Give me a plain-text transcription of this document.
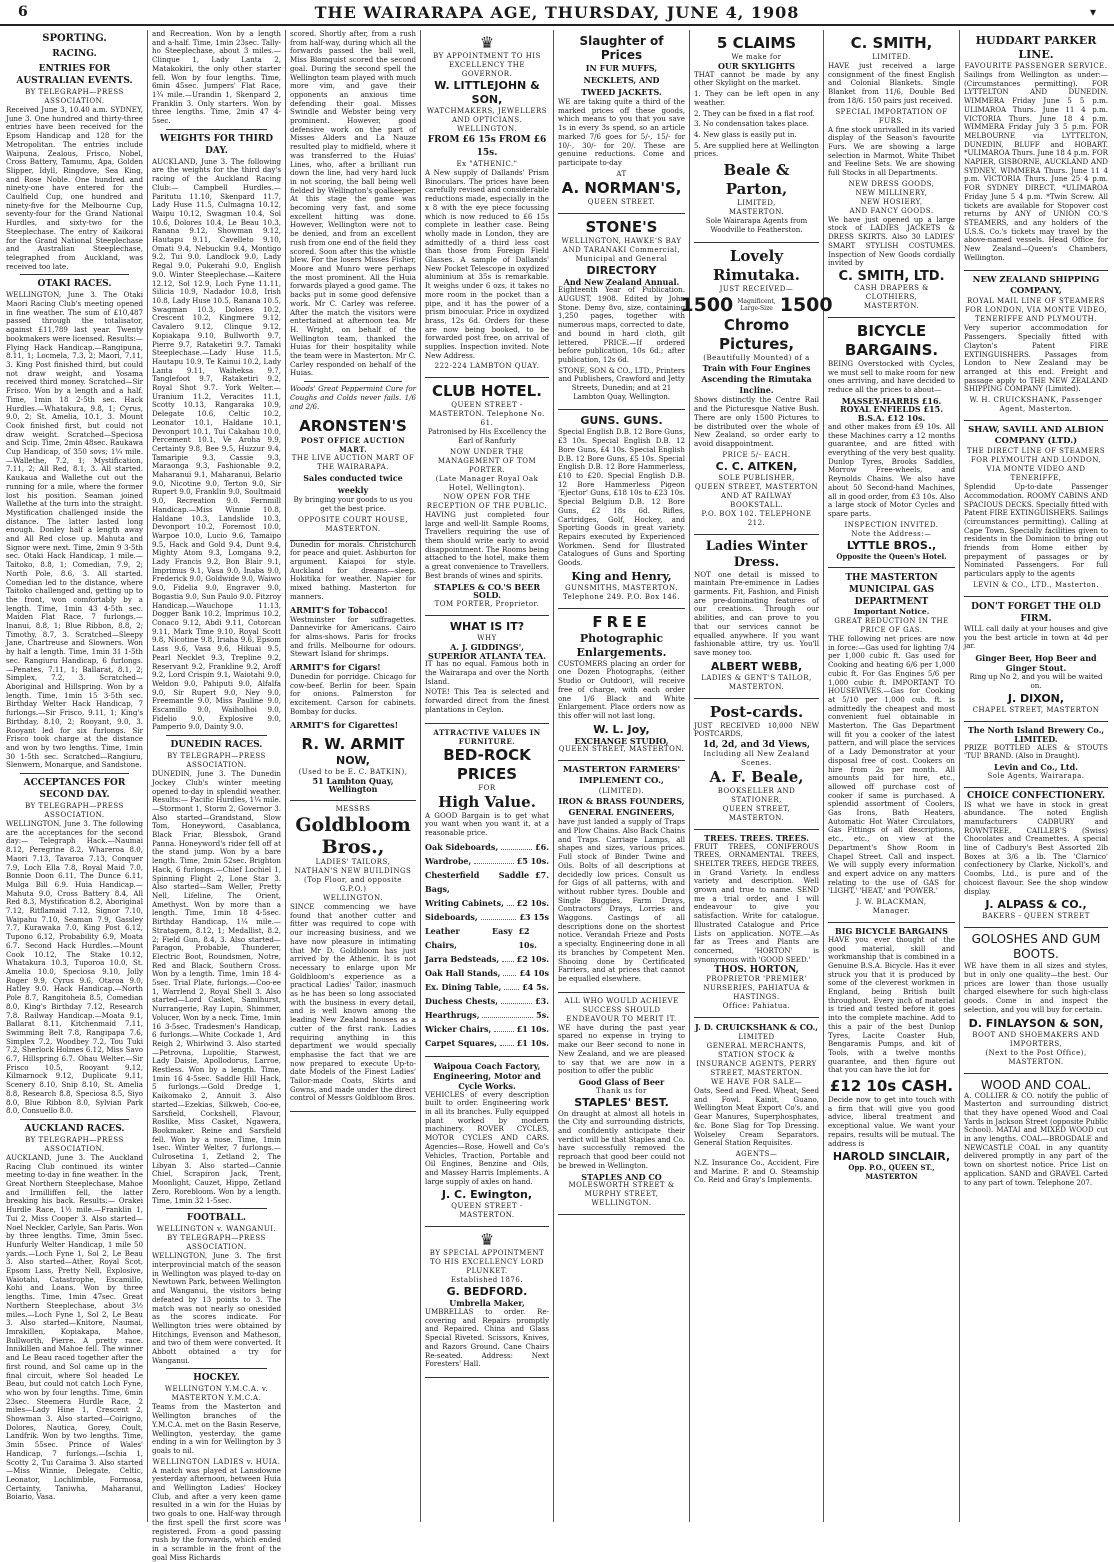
6	THE WAIRARAPA AGE, THURSDAY, JUNE 4, 1908	▾
SPORTING.
RACING.
ENTRIES FOR AUSTRALIAN EVENTS.
BY TELEGRAPH—PRESS ASSOCIATION.

Received June 3, 10.40 a.m. SYDNEY, June 3. One hundred and thirty-three entries have been received for the Epsom Handicap and 128 for the Metropolitan. The entries include Waipuna, Zealous, Frisco, Nobel, Cross Battery, Tamumu, Apa, Golden Slipper, Idyll, Ringdove, Sea King, and Rose Noble. One hundred and ninety-one have entered for the Caulfield Cup, one hundred and ninety-five for the Melbourne Cup, seventy-four for the Grand National Hurdles, and sixty-two for the Steeplechase. The entry of Kaikorai for the Grand National Steeplechase and Australian Steeplechase, telegraphed from Auckland, was received too late.

OTAKI RACES.

WELLINGTON, June 3. The Otaki Maori Racing Club's meeting opened in fine weather. The sum of £10,487 passed through the totalisator, against £11,789 last year. Twenty bookmakers were licensed. Results:— Flying Hack Handicap.—Rangipuna, 8.11, 1; Locmela, 7.3, 2; Maori, 7.11, 3. King Post finished third, but could not draw weight, and Yosama received third money. Scratched—Sir Frisco. Won by a length and a half. Time, 1min 18 2-5th sec. Hack Hurdles.—Whatakura, 9.8, 1; Cyrus, 9.0, 2; St. Amelia, 10.1, 3. Mount Cook finished first, but could not draw weight. Scratched—Speciosa and Scip. Time, 2min 48sec. Raukawa Cup Handicap, of 350 sovs; 1¼ mile.—Wallethe, 7.2, 1; Mystification, 7.11, 2; All Red, 8.1, 3. All started. Kaukaua and Wallethe cut out the running for a mile, where the former lost his position. Seaman joined Wallethe at the turn into the straight. Mystification challenged inside the distance. The latter lasted long enough. Donley half a length away and All Red close up. Mahuta and Signor were next. Time, 2min 9 3-5th sec. Otaki Hack Handicap, 1 mile.—Taitoko, 8.8, 1; Comedian, 7.9, 2; North Pole, 8.6, 3. All started. Comedian led to the distance, where Taitoko challenged and, getting up to the front, won comfortably by a length. Time, 1min 43 4-5th sec. Maiden Flat Race, 7 furlongs.—Inanui, 8.8, 1; Blue Ribbon, 8.8, 2; Timothy, 8.7, 3. Scratched—Sleepy Jane, Chartreuse and Slowners. Won by half a length. Time, 1min 31 1-5th sec. Rangiuru Handicap, 6 furlongs.—Penates, 7.11, 1; Ballarat, 8.1, 2; Simplex, 7.2, 3. Scratched—Aboriginal and Hillspring. Won by a length. Time, 1min 15 3-5th sec. Birthday Welter Hack Handicap, 7 furlongs.—Sir Frisco, 9.11, 1; King's Birthday, 8.10, 2; Rooyant, 9.0, 3. Rooyant led for six furlongs. Sir Frisco took charge at the distance and won by two lengths. Time, 1min 30 1-5th sec. Scratched—Rangiuru, Slenwern, Monarque, and Sandstone.

ACCEPTANCES FOR SECOND DAY.
BY TELEGRAPH—PRESS ASSOCIATION.

WELLINGTON, June 3. The following are the acceptances for the second day:— Telegraph Hack.—Naumai 8.12, Peregrine 8.2, Whareroa 8.0, Maori 7.13, Tavaroa 7.13, Conquer 7.9, Loch Ella 7.8, Royal Maid 7.0, Bonnie Doon 6.11, The Dunce 6.11, Mulga Bill 6.9. Huia Handicap.—Mahuta 9.0, Cross Battery 8.4, All Red 8.3, Mystification 8.2, Aboriginal 7.12, Ritflamaid 7.12, Signor 7.10, Waipahu 7.10, Seaman 7.9, Gassley 7.7, Kurawaka 7.0, King Post 6.12, Tupono 6.12, Probability 6.9, Moata 6.7. Second Hack Hurdles.—Mount Cook 10.12, The Stake 10.12, Whatakura 10.3, Tuporoa 10.0, St. Amelia 10.0, Speciosa 9.10, Jolly Roger 9.9, Cyrus 9.6, Otaroa 9.0, Hatley 9.0. Hack Handicap.—North Pole 8.7, Rangitoheia 8.5, Comedian 8.0, King's Birthday 7.12, Research 7.8. Railway Handicap.—Moata 9.1, Ballarat 8.11, Kitchenmaid 7.11, Swimming Belt 7.8, Rangipapa 7.6, Simplex 7.2, Woodbey 7.2, Tou Tuki 7.2, Sherlock Holmes 6.12, Miss Savo 6.7, Hillspring 6.7. Ohau Welter.—Sir Frisco 10.5, Rooyant 9.12, Kilmarnock 9.12, Duplicate 9.11, Scenery 8.10, Snip 8.10, St. Amelia 8.8, Research 8.8, Speciosa 8.5, Siyo 8.0, Blue Ribbon 8.0, Sylvian Park 8.0, Consuello 8.0.

AUCKLAND RACES.
BY TELEGRAPH—PRESS ASSOCIATION.

AUCKLAND, June 3. The Auckland Racing Club continued its winter meeting to-day in fine weather. In the Great Northern Steeplechase, Mahoe and Irmilliffen fell, the latter breaking his back. Results:— Orakei Hurdle Race, 1½ mile.—Franklin 1, Tui 2, Miss Cooper 3. Also started—Noel Neckler, Carlyle, San Paris. Won by three lengths. Time, 3min 5sec. Hunfurly Welter Handicap, 1 mile 50 yards.—Loch Fyne 1, Sol 2, Le Beau 3. Also started—Ather, Royal Scot, Epsom Lass, Pretty Nell, Explosive, Waiotahi, Catastrophe, Escamillo, Kohi and Loans. Won by three lengths. Time, 1min 47sec. Great Northern Steeplechase, about 3½ miles.—Loch Fyne 1, Sol 2, Le Beau 3. Also started—Knitore, Naumai, Imrakillen, Kopiakapa, Mahoe, Bullworth, Pierre. A pretty race. Innikillen and Mahoe fell. The winner and Le Beau raced together after the first round, and Sol came up in the final circuit, where Sol headed Le Beau, but could not catch Loch Fyne, who won by four lengths. Time, 6min 23sec. Steemera Hurdle Race, 2 miles—Lady Hine 1, Crescent 2, Showman 3. Also started—Coirigno, Dolores, Nautica, Gorey, Coult, Landfrik. Won by two lengths. Time, 3min 55sec. Prince of Wales' Handicap, 7 furlongs.—Ischia 1, Scotty 2, Tui Caraima 3. Also started—Miss Winnie, Delegate, Celtic, Leonator, Lochlimble, Formosa, Certainty, Taniwha, Maharanui, Boiario, Vasa.

and Recreation. Won by a length and a-half. Time, 1min 23sec. Tally-ho Steeplechase, about 3 miles.—Clinque 1, Lady Lanta 2, Matakokiri, the only other starter fell. Won by four lengths. Time, 6min 45sec. Jumpers' Flat Race, 1¾ mile.—Urandin 1, Skenpard 2, Franklin 3. Only starters. Won by three lengths. Time, 2min 47 4-5sec.

WEIGHTS FOR THIRD DAY.

AUCKLAND, June 3. The following are the weights for the third day's racing of the Auckland Racing Club:— Campbell Hurdles.—Paritutu 11.10, Skenpard 11.7, Lady Huse 11.5, Culmagna 10.12, Waipu 10.12, Swagman 10.4, Sol 10.6, Dolores 10.4, Le Beau 10.3, Ranana 9.12, Showman 9.12, Hautapu 9.11, Cavelleto 9.10, Omati 9.4, Nebuckin 9.4, Montigo 9.2, Tui 9.0, Landlock 9.0, Lady Regal 9.0, Pukerahi 9.0, English 9.0. Winter Steeplechase.—Kaitere 12.12, Sol 12.9, Loch Fyne 11.11, Silicia 10.9, Nadador 10.8, Irish 10.8, Lady Huse 10.5, Ranana 10.5, Swagman 10.3, Dolores 10.2, Crescent 10.2, Kingmere 9.12, Cavalero 9.12, Clinque 9.12, Kopiakapa 9.10, Bullworth 9.7, Pierre 9.7, Rataketiri 9.7. Tamaki Steeplechase.—Lady Huse 11.5, Hautapu 10.9, Te Kainui 10.2, Lady Lanta 9.11, Waiheksa 9.7, Tanglefoot 9.7, Rataketiri 9.2, Royal Shot 9.7. York Welter.—Uranium 11.2, Veracites 11.1, Scotty 10.13, Rangaraka 10.9, Delegate 10.6, Celtic 10.2, Leonator 10.1, Haldane 10.1, Devonport 10.1, Tui Cakahau 10.0, Percement 10.1, Ve Aroha 9.9, Certainty 9.8, Bee 9.5, Huzzur 9.4, Tamaripie 9.3, Cassie 9.3, Maraonga 9.3, Fashionable 9.2, Maharanui 9.1, Maharanui, Belario 9.0, Nicotine 9.0, Terton 9.0, Sir Rupert 9.0, Franklin 9.0, Soultmaid 9.0, Recreation 9.0. Fernmill Handicap.—Miss Winnie 10.8, Haldane 10.3, Landslide 10.3, Devonport 10.2, Foremost 10.0, Warpoe 10.0, Lucio 9.6, Tamaipo 9.5, Hack and Gold 9.4, Dunt 9.4, Mighty Atom 9.3, Lomgana 9.2, Lady Francis 9.2, Bon Blair 9.1, Imprimus 9.1, Vasa 9.0, Inaba 9.0, Frederick 9.0, Goldwide 9.0, Waiwo 9.0, Fidelia 9.0, Engraver 9.0, Bogastia 9.0, Sun Paulo 9.0. Fitzroy Handicap.—Wauchope 11.13, Dogger Bank 10.2, Imprimus 10.2, Conaco 9.12, Abdi 9.11, Cotorcan 9.11, Mark Time 9.10, Royal Scott 9.8, Nicotine 9.8, Iriaha 9.6, Epsom Lass 9.6, Vasa 9.6, Hikuai 9.5, Pearl Necklet 9.3, Trepline 9.2, Reservant 9.2, Frankline 9.2, Aroff 9.2, Lord Crispin 9.1, Waiotahi 9.0, Weldon 9.0, Pahiputi 9.0, Alfalfa 9.0, Sir Rupert 9.0, Ney 9.0, Freemantle 9.0, Miss Pauline 9.0, Escamillo 9.0, Waiholhoi 9.0, Fidelio 9.0, Explosive 9.0, Pamperio 9.0, Dainty 9.0.

DUNEDIN RACES.
BY TELEGRAPH—PRESS ASSOCIATION.

DUNEDIN, June 3. The Dunedin Jockey Club's winter meeting opened to-day in splendid weather. Results:— Pacific Hurdles, 1¼ mile.—Stormont 1, Storm 2, Governor 3. Also started—Grandstand, Slow Tom, Honeyword, Casablanca, Black Friar, Blessbok, Grand Panna. Honeyword's rider fell off at the stand jump. Won by a bare length. Time, 2min 52sec. Brighton Hack, 6 furlongs.—Chief Lochiel 1, Spinning Flight 2, Lone Star 3. Also started—Sam Weller, Pretty Nell, Lifeline, The Orient, Amethyst. Won by more than a length. Time, 1min 18 4-5sec. Birthday Handicap, 1¼ mile.—Stratagem, 8.12, 1; Medallist, 8.2, 2; Field Gun, 8.4, 3. Also started—Paragon, Probable, Thunderer, Electric Boot, Roundsmen, Notre, Red and Black, Southern Cross. Won by a length. Time, 1min 18 4-5sec. Trial Plate, furlongs.—Coo-ee 1, Warrlend 2, Royal Shell 3. Also started—Lord Casket, Samlhurst, Nurrangerie, Ray Lupin, Shimmer, Volucer, Won by a neck. Time, 1min 16 3-5sec. Tradesmen's Handicap, 6 furlongs.—White Cockade 1, Ard Reigh 2, Whirlwind 3. Also started—Petrovna, Lupolitie, Starwest, Lady Daisie, Apollodorus, Larroe, Restless. Won by a length. Time, 1min 16 4-5sec. Saddle Hill Hack, 5 furlongs.—Gold Dredge 1, Kaikomako 2, Annuit 3. Also started—Ezekias, Silkweb, Coo-ee, Sarsfield, Cockshell, Flavour, Roslike, Miss Casket, Ngawera, Bookmaker. Reine and Sarsfield fell. Won by a nose. Time, 1min 1sec. Winter Welter, 7 furlongs.—Culrosetina 1, Zetland 2, The Libyan 3. Also started—Cannie Chiel, Scrapiron Jack, Trent, Moonlight, Cauzet, Hippo, Zetland Zero, Rorebloom. Won by a length. Time, 1min 32 1-5sec.

FOOTBALL.
WELLINGTON v. WANGANUI.
BY TELEGRAPH—PRESS ASSOCIATION.

WELLINGTON, June 3. The first interprovincial match of the season in Wellington was played to-day on Newtown Park, between Wellington and Wanganui, the visitors being defeated by 13 points to 3. The match was not nearly so onesided as the scores indicate. For Wellington tries were obtained by Hitchings, Evenson and Matheson, and two of them were converted. It Abbott obtained a try for Wanganui.

HOCKEY.
WELLINGTON Y.M.C.A. v. MASTERTON Y.M.C.A.

Teams from the Masterton and Wellington branches of the Y.M.C.A. met on the Basin Reserve, Wellington, yesterday, the game ending in a win for Wellington by 3 goals to nil.

WELLINGTON LADIES v. HUIA.

A match was played at Lansdowne yesterday afternoon, between Huia and Wellington Ladies' Hockey Club, and after a very keen game resulted in a win for the Huias by two goals to one. Half-way through the first spell the first score was registered. From a good passing rush by the forwards, which ended in a scramble in the front of the goal Miss Richards

scored. Shortly after, from a rush from half-way, during which all the forwards passed the ball well, Miss Blomquist scored the second goal. During the second spell the Wellington team played with much more vim, and gave their opponents an anxious time defending their goal. Misses Swindle and Webster being very prominent. However, good defensive work on the part of Misses Alders and La Nauze resulted play to midfield, where it was transferred to the Huias' Lines, who, after a brilliant run down the line, had very hard luck in not scoring, the ball being well fielded by Wellington's goalkeeper. At this stage the game was becoming very fast, and some excellent hitting was done. However, Wellington were not to be denied, and from an excellent rush from one end of the field they scored. Soon after this the whistle blew. For the losers Misses Fisher, Moore and Munro were perhaps the most prominent. All the Huia forwards played a good game. The backs put in some good defensive work. Mr C. Carley was referee. After the match the visitors were entertained at afternoon tea. Mr H. Wright, on behalf of the Wellington team, thanked the Huias for their hospitality while the team were in Masterton. Mr C. Carley responded on behalf of the Huias.

Woods' Great Peppermint Cure for Coughs and Colds never fails. 1/6 and 2/6.

ARONSTEN'S
POST OFFICE AUCTION MART.
THE LIVE AUCTION MART OF THE WAIRARAPA.
Sales conducted twice weekly

By bringing your goods to us you get the best price.

OPPOSITE COURT HOUSE, MASTERTON.

Dunedin for morals. Christchurch for peace and quiet. Ashburton for argument. Kaiapoi for style. Auckland for dreams—sleep. Hokitika for weather. Napier for mixed bathing. Masterton for manners.

ARMIT'S for Tobacco!

Westminster for suffragettes. Dannevirke for Americans. Cairo for alms-shows. Paris for frocks and frills. Melbourne for odours. Stewart Island for shrimps.

ARMIT'S for Cigars!

Dunedin for porridge. Chicago for cow-beef. Berlin for beer. Spain for onions. Palmerston for excitement. Carson for cabinets. Bombay for ducks.

ARMIT'S for Cigarettes!
R. W. ARMIT
NOW,
(Used to be E. C. BATKIN),
51 Lambton Quay, Wellington
MESSRS
Goldbloom Bros.,
LADIES' TAILORS,
NATHAN'S NEW BUILDINGS (Top Floor, and opposite G.P.O.)
WELLINGTON.

SINCE commencing we have found that another cutter and fitter was required to cope with our increasing business, and we have now pleasure in intimating that Mr D. Goldbloom has just arrived by the Athenic. It is not necessary to enlarge upon Mr Goldbloom's experience as a practical Ladies' Tailor, inasmuch as he has been so long associated with the business in every detail, and is well known among the leading New Zealand houses as a cutter of the first rank. Ladies requiring anything in this department we would specially emphasise the fact that we are now prepared to execute Up-to-date Models of the Finest Ladies' Tailor-made Coats, Skirts and Gowns, and made under the direct control of Messrs Goldbloom Bros.

♛
BY APPOINTMENT TO HIS EXCELLENCY THE GOVERNOR.
W. LITTLEJOHN & SON,
WATCHMAKERS, JEWELLERS AND OPTICIANS.
WELLINGTON.
FROM £6 15s FROM £6 15s.
Ex "ATHENIC."

A New supply of Dallands' Prism Binoculars. The prices have been carefully revised and considerable reductions made, especially in the x 8 with the eye piece focussing which is now reduced to £6 15s complete in leather case. Being wholly made in London, they are admittedly of a third less cost than those from Foreign Field Glasses. A sample of Dallands' New Pocket Telescope in oxydized aluminium at 35s is remarkable. It weighs under 6 ozs, it takes no more room in the pocket than a pipe, and it has the power of a prism binocular. Price in oxydized brass, 12s 6d. Orders for these are now being booked, to be forwarded post free, on arrival of supplies. Inspection invited. Note New Address.

222-224 LAMBTON QUAY.
CLUB HOTEL.
QUEEN STREET - MASTERTON. Telephone No. 61.

Patronised by His Excellency the Earl of Ranfurly

NOW UNDER THE MANAGEMENT OF TOM PORTER.
(Late Manager Royal Oak Hotel, Wellington).
NOW OPEN FOR THE RECEPTION OF THE PUBLIC.

HAVING just completed four large and well-lit Sample Rooms, Travellers requiring the use of them should write early to avoid disappointment. The Rooms being attached to the hotel, make them a great convenience to Travellers. Best brands of wines and spirits.

STAPLES & CO.'S BEER SOLD.
TOM PORTER, Proprietor.
WHAT IS IT?
WHY
A. J. GIDDINGS',
SUPERIOR ATLANTA TEA.

IT has no equal. Famous both in the Wairarapa and over the North Island.

NOTE! This Tea is selected and forwarded direct from the finest plantations in Ceylon.

ATTRACTIVE VALUES IN FURNITURE.
BED-ROCK PRICES
FOR
High Value.

A GOOD Bargain is to get what you want when you want it, at a reasonable price.

Oak Sideboards,	£6.
Wardrobe,	£5 10s.
Chesterfield Saddle Bags,
£7.
Writing Cabinets, £2 10s.
Sideboards,	£3 15s
Leather Easy Chairs,
£2 10s.
Jarra Bedsteads, £2 10s.
Oak Hall Stands, £4 10s
Ex. Dining Table,	£4 5s.
Duchess Chests,	£3.
Hearthrugs,	5s.
Wicker Chairs,	£1 10s.
Carpet Squares, £1 10s.
Waipoua Coach Factory, Engineering, Motor and Cycle Works.

VEHICLES of every description built to order. Engineering work in all its branches. Fully equipped plant worked by modern machinery. ROVER CYCLES, MOTOR CYCLES AND CARS. Agencies—Rose, Howell and Co's Vehicles, Traction, Portable and Oil Engines, Benzine and Oils, and Massey Harris Implements. A large supply of axles on hand.

J. C. Ewington,
QUEEN STREET - MASTERTON.
♛
BY SPECIAL APPOINTMENT TO HIS EXCELLENCY LORD PLUNKET.
Established 1876.
G. BEDFORD.
Umbrella Maker,

UMBRELLAS to order. Re-covering and Repairs promptly and Repaired. China and Glass Special Riveted. Scissors, Knives, and Razors Ground. Cane Chairs Re-seated. Address: Next Foresters' Hall.

Slaughter of Prices
IN FUR MUFFS,
NECKLETS, AND
TWEED JACKETS.

WE are taking quite a third of the marked prices off these goods, which means to you that you save 1s in every 3s spend, so an article marked 7/6 goes for 5/-, 15/- for 10/-, 30/- for 20/. These are genuine reductions. Come and participate to-day

AT
A. NORMAN'S,
QUEEN STREET.
STONE'S
WELLINGTON, HAWKE'S BAY AND TARANAKI Commercial, Municipal and General
DIRECTORY
And New Zealand Annual.

Eighteenth Year of Publication. AUGUST, 1908. Edited by John Stone. Demy 8vo, size, containing 1,250 pages, together with numerous maps, corrected to date, and bound in hard cloth, gilt lettered. PRICE.—If ordered before publication, 10s 6d.; after publication, 12s 6d.

STONE, SON & CO., LTD., Printers and Publishers, Crawford and Jetty Streets, Dunedin; and at 21 Lambton Quay, Wellington.

GUNS. GUNS.

Special English D.B. 12 Bore Guns, £3 10s. Special English D.B. 12 Bore Guns, £4 10s. Special English D.B. 12 Bore Guns, £5 10s. Special English D.B. 12 Bore Hammerless, £10 to £20. Special English D.B. 12 Bore Hammerless Pigeon 'Ejector' Guns, £18 10s to £23 10s. Special Belgium D.B. 12 Bore Guns, £2 18s 6d. Rifles, Cartridges, Golf, Hockey, and Sporting Goods in great variety. Repairs executed by Experienced Workmen. Send for Illustrated Catalogues of Guns and Sporting Goods.

King and Henry,
GUNSMITHS, MASTERTON.
Telephone 249. P.O. Box 146.
FREE
Photographic Enlargements.

CUSTOMERS placing an order for one Dozen Photographs, (either Studio or Outdoor), will receive free of charge, with each order one 1/6 Black and White Enlargement. Place orders now as this offer will not last long.

W. L. Joy,
EXCHANGE STUDIO,
QUEEN STREET, MASTERTON.
MASTERTON FARMERS' IMPLEMENT CO.,
(LIMITED).
IRON & BRASS FOUNDERS, GENERAL ENGINEERS,

have just landed a supply of Traps and Plow Chains. Also Back Chains and Traps. Carriage Lamps, all shapes and sizes, various prices. Full stock of Binder Twine and Oils. Bolts of all descriptions at decidedly low prices. Consult us for Gigs of all patterns, with and without rubber tyres. Double and Single Buggies, Farm Drays, Contractors' Drays, Lorries and Waggons. Castings of all descriptions done on the shortest notice. Verandah Frieze and Posts a specialty. Engineering done in all its branches by Competent Men. Shooing done by Certificated Farriers, and at prices that cannot be equalled elsewhere.

ALL WHO WOULD ACHIEVE SUCCESS SHOULD ENDEAVOUR TO MERIT IT.

WE have during the past year spared no expense in trying to make our Beer second to none in New Zealand, and we are pleased to say that we are now in a position to offer the public

Good Glass of Beer
Thank us for
STAPLES' BEST.

On draught at almost all hotels in the City and surrounding districts, and confidently anticipate their verdict will be that Staples and Co. have successfully removed the reproach that good beer could not be brewed in Wellington.

STAPLES AND CO
MOLESWORTH STREET & MURPHY STREET, WELLINGTON.
5 CLAIMS
We make for
OUR SKYLIGHTS

THAT cannot be made by any other Skylight on the market.

1. They can be left open in any weather.

2. They can be fixed in a flat roof.

3. No condensation takes place.

4. New glass is easily put in.

5. Are supplied here at Wellington prices.

Beale & Parton,
LIMITED,
MASTERTON.

Sole Wairarapa Agents from Woodville to Featherston.

Lovely Rimutaka.
JUST RECEIVED—
1500 Magnificent, Large-Size 1500
Chromo Pictures,
(Beautifully Mounted) of a
Train with Four Engines Ascending the Rimutaka Incline.

Shows distinctly the Centre Rail and the Picturesque Native Bush. There are only 1500 Pictures to be distributed over the whole of New Zealand, so order early to avoid disappointment.

PRICE 5/- EACH.
C. C. AITKEN,
SOLE PUBLISHER,
QUEEN STREET, MASTERTON AND AT RAILWAY BOOKSTALL.
P.O. BOX 102. TELEPHONE 212.
Ladies Winter Dress.

NOT one detail is missed to maintain Pre-eminence in Ladies garments. Fit, Fashion, and Finish are pre-dominating features of our creations. Through our abilities, and can prove to you that our services cannot be equalled anywhere. If you want fashionable attire, try us. You'll save money too.

ALBERT WEBB,
LADIES & GENT'S TAILOR,
MASTERTON.
Post-cards.

JUST RECEIVED 10,000 NEW POSTCARDS,

1d, 2d, and 3d Views,
Including all New Zealand Scenes.
A. F. Beale,
BOOKSELLER AND STATIONER,
QUEEN STREET, MASTERTON.
TREES. TREES. TREES.

FRUIT TREES, CONIFEROUS TREES, ORNAMENTAL TREES, SHELTER TREES, HEDGE TREES, in Grand Variety. In endless variety and description. Well grown and true to name. SEND me a trial order, and I will endeavour to give you satisfaction. Write for catalogue. Illustrated Catalogue and Price Lists on application. NOTE.—As far as Trees and Plants are concerned, 'HORTON' is synonymous with 'GOOD SEED.'

THOS. HORTON,
PROPRIETOR 'PREMIER' NURSERIES, PAHIATUA & HASTINGS.
Office: Pahiatua.
J. D. CRUICKSHANK & CO.,
LIMITED
GENERAL MERCHANTS, STATION STOCK & INSURANCE AGENTS, PERRY STREET, MASTERTON.
WE HAVE FOR SALE—

Oats, Seed and Feed. Wheat, Seed and Fowl. Kainit, Guano, Wellington Meat Export Co's, and Gear Manures, Superphosphates, &c. Bone Slag for Top Dressing. Wolseley Cream Separators. General Station Requisites.

AGENTS—

N.Z. Insurance Co., Accident, Fire and Marine. P. and O. Steamship Co. Reid and Gray's Implements.

C. SMITH,
LIMITED.

HAVE just received a large consignment of the finest English and Colonial Blankets. Single Blanket from 11/6, Double Bed from 18/6. 150 pairs just received.

SPECIAL IMPORTATION OF FURS.

A fine stock unrivalled in its varied display of the Season's favourite Furs. We are showing a large selection in Marmot, White Thibet and Feeline Sets. We are showing full Stocks in all Departments.

NEW DRESS GOODS,
NEW MILLINERY,
NEW HOSIERY,
AND FANCY GOODS.

We have just opened up a large stock of LADIES JACKETS & DRESS SKIRTS. Also 30 LADIES' SMART STYLISH COSTUMES. Inspection of New Goods cordially invited by

C. SMITH, LTD.
CASH DRAPERS & CLOTHIERS,
MASTERTON.
BICYCLE BARGAINS.

BEING Overstocked with Cycles, we must sell to make room for new ones arriving, and have decided to reduce all the prices to about—

MASSEY-HARRIS £16.
ROYAL ENFIELDS £15.
B.S.A. £12 10s.

and other makes from £9 10s. All these Machines carry a 12 months guarantee, and are fitted with everything of the very best quality. Dunlop Tyres, Brooks Saddles, Morrow Free-wheels, and Reynolds Chains. We also have about 50 Second-hand Machines, all in good order, from £3 10s. Also a large stock of Motor Cycles and spare parts.

INSPECTION INVITED.
Note the Address:—
LYTTLE BROS.,
Opposite the Queen's Hotel.
THE MASTERTON MUNICIPAL GAS DEPARTMENT
Important Notice.
GREAT REDUCTION IN THE PRICE OF GAS.

THE following net prices are now in force:—Gas used for lighting 7/4 per 1,000 cubic ft. Gas used for Cooking and heating 6/6 per 1,000 cubic ft. For Gas Engines 5/6 per 1,000 cubic ft. IMPORTANT TO HOUSEWIVES.—Gas for Cooking at 5/10 per 1,000 cub. ft. is admittedly the cheapest and most convenient fuel obtainable in Masterton. The Gas Department will fit you a cooker of the latest pattern, and will place the services of a Lady Demonstrator at your disposal free of cost. Cookers on hire from 2s per month. All amounts paid for hire, etc., allowed off purchase cost of cooker if same is purchased. A splendid assortment of Coolers, Gas Irons, Bath Heaters, Automatic Hot Water Circulators, Gas Fittings of all descriptions, etc., etc., on view at the Department's Show Room in Chapel Street. Call and inspect. We will supply every information and expert advice on any matters relating to the use of GAS for 'LIGHT,' 'HEAT,' and 'POWER.'

J. W. BLACKMAN,
Manager.
BIG BICYCLE BARGAINS

HAVE you ever thought of the good material, skill and workmanship that is combined in a Genuine B.S.A. Bicycle. Has it ever struck you that it is produced by some of the cleverest workmen in England, being British built throughout. Every inch of material is tried and tested before it goes into the complete machine. Add to this a pair of the best Dunlop Tyres, Lacite Coaster Hub, Bengaramis Pumps, and kit of Tools, with a twelve months guarantee, and then figure out that you can have the lot for

£12 10s CASH.

Decide now to get into touch with a firm that will give you good advice, liberal treatment and exceptional value. We want your repairs, results will be mutual. The address is

HAROLD SINCLAIR,
Opp. P.O., QUEEN ST., MASTERTON
HUDDART PARKER LINE.
FAVOURITE PASSENGER SERVICE.

Sailings from Wellington as under:—(Circumstances permitting). FOR LYTTELTON AND DUNEDIN. WIMMERA Friday June 5 5 p.m. ULIMAROA Thurs. June 11 4 p.m. VICTORIA Thurs. June 18 4 p.m. WIMMERA Friday July 3 5 p.m. FOR MELBOURNE via LYTTELTON, DUNEDIN, BLUFF and HOBART. *ULIMAROA Thurs. June 18 4 p.m. FOR NAPIER, GISBORNE, AUCKLAND AND SYDNEY. WIMMERA Thurs. June 11 4 p.m. VICTORIA Thurs. June 25 4 p.m. FOR SYDNEY DIRECT. *ULIMAROA Friday June 5 4 p.m. *Twin Screw. All tickets are available for Stopover cost returns by ANY of UNION CO.'S STEAMERS, and any holders of the U.S.S. Co.'s tickets may travel by the above-named vessels. Head Office for New Zealand—Queen's Chambers, Wellington.

NEW ZEALAND SHIPPING COMPANY,
ROYAL MAIL LINE OF STEAMERS FOR LONDON, VIA MONTE VIDEO, TENERIFFE AND PLYMOUTH.

Very superior accommodation for Passengers. Specially fitted with Clayton's Patent FIRE EXTINGUISHERS. Passages from London to New Zealand may be arranged at this end. Freight and passage apply to THE NEW ZEALAND SHIPPING COMPANY (Limited).

W. H. CRUICKSHANK, Passenger Agent, Masterton.
SHAW, SAVILL AND ALBION COMPANY (LTD.)
THE DIRECT LINE OF STEAMERS FOR PLYMOUTH AND LONDON, VIA MONTE VIDEO AND TENERIFFE,

Splendid Up-to-date Passenger Accommodation. ROOMY CABINS AND SPACIOUS DECKS. Specially fitted with Patent FIRE EXTINGUISHERS. Sailings (circumstances permitting). Calling at Cape Town. Specially facilities given to residents in the Dominion to bring out friends from Home either by prepayment of passages or by Nominated Passengers. For full particulars apply to the agents

LEVIN & CO., LTD., Masterton.
DON'T FORGET THE OLD FIRM.

WILL call daily at your houses and give you the best article in town at 4d per jar.

Ginger Beer, Hop Beer and Ginger Stout.

Ring up No 2, and you will be waited on.

J. DIXON,
CHAPEL STREET, MASTERTON
The North Island Brewery Co., LIMITED.

PRIZE BOTTLED ALES & STOUTS 'TUI' BRAND. (Also in Draught).

Levin and Co., Ltd.
Sole Agents, Wairarapa.
CHOICE CONFECTIONERY.

IS what we have in stock in great abundance. The noted English manufacturers CADBURY and ROWNTREE, CAILLER'S (Swiss) Chocolates and Creamettes. A special line of Cadbury's Best Assorted 2lb Boxes at 3/6 a lb. The 'Clarnico' confectionery by Clarke, Nickoll's, and Coombs, Ltd., is pure and of the choicest flavour. See the shop window display.

J. ALPASS & CO.,
BAKERS - QUEEN STREET
GOLOSHES AND GUM BOOTS.

WE have them in all sizes and styles, but in only one quality—the best. Our prices are lower than those usually charged elsewhere for such high-class goods. Come in and inspect the selection, and you will buy for certain.

D. FINLAYSON & SON,
BOOT AND SHOEMAKERS AND IMPORTERS,
(Next to the Post Office), MASTERTON.
WOOD AND COAL.

A. COLLIER & CO. notify the public of Masterton and surrounding district that they have opened Wood and Coal Yards in Jackson Street (opposite Public School). MATAI and MIXED WOOD cut in any lengths. COAL—BROGDALE and NEWCASTLE COAL in any quantity delivered promptly in any part of the town on shortest notice. Price List on application. SAND and GRAVEL Carted to any part of town. Telephone 207.
